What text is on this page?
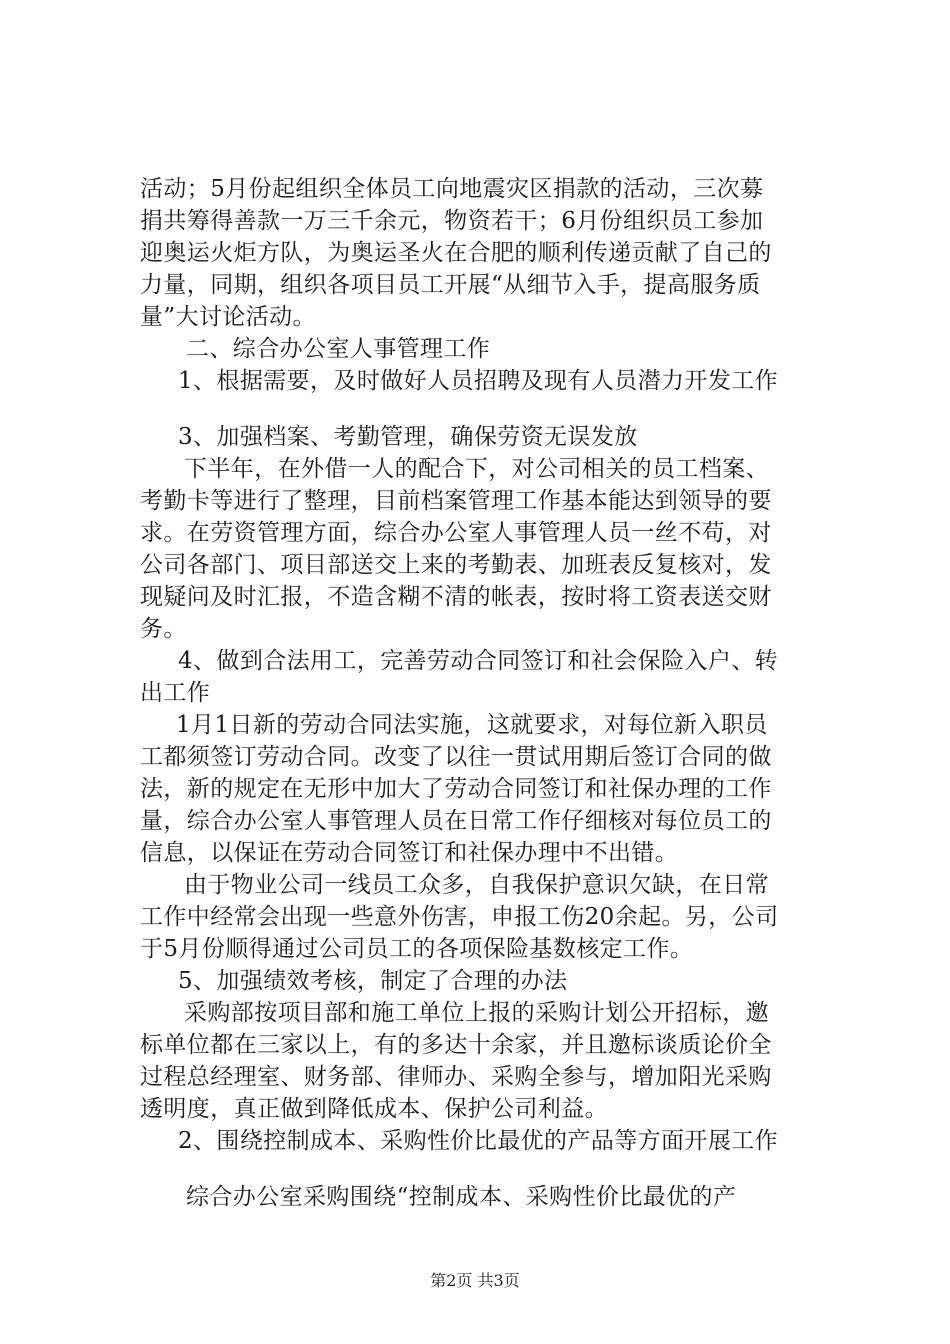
活动；5月份起组织全体员工向地震灾区捐款的活动，三次募
捐共筹得善款一万三千余元，物资若干；6月份组织员工参加
迎奥运火炬方队，为奥运圣火在合肥的顺利传递贡献了自己的
力量，同期，组织各项目员工开展“从细节入手，提高服务质
量”大讨论活动。
二、综合办公室人事管理工作
1、根据需要，及时做好人员招聘及现有人员潜力开发工作
3、加强档案、考勤管理，确保劳资无误发放
下半年，在外借一人的配合下，对公司相关的员工档案、
考勤卡等进行了整理，目前档案管理工作基本能达到领导的要
求。在劳资管理方面，综合办公室人事管理人员一丝不苟，对
公司各部门、项目部送交上来的考勤表、加班表反复核对，发
现疑问及时汇报，不造含糊不清的帐表，按时将工资表送交财
务。
4、做到合法用工，完善劳动合同签订和社会保险入户、转
出工作
1月1日新的劳动合同法实施，这就要求，对每位新入职员
工都须签订劳动合同。改变了以往一贯试用期后签订合同的做
法，新的规定在无形中加大了劳动合同签订和社保办理的工作
量，综合办公室人事管理人员在日常工作仔细核对每位员工的
信息，以保证在劳动合同签订和社保办理中不出错。
由于物业公司一线员工众多，自我保护意识欠缺，在日常
工作中经常会出现一些意外伤害，申报工伤20余起。另，公司
于5月份顺得通过公司员工的各项保险基数核定工作。
5、加强绩效考核，制定了合理的办法
采购部按项目部和施工单位上报的采购计划公开招标，邀
标单位都在三家以上，有的多达十余家，并且邀标谈质论价全
过程总经理室、财务部、律师办、采购全参与，增加阳光采购
透明度，真正做到降低成本、保护公司利益。
2、围绕控制成本、采购性价比最优的产品等方面开展工作
综合办公室采购围绕“控制成本、采购性价比最优的产
第2页 共3页
